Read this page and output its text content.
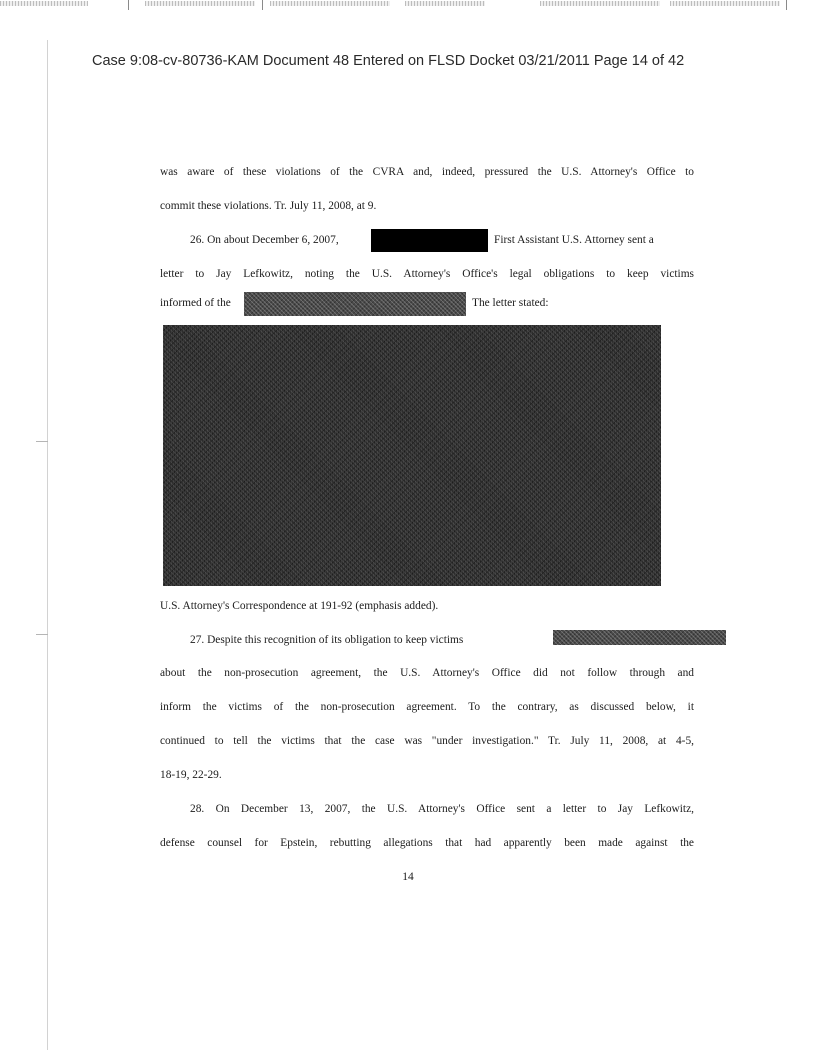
Case 9:08-cv-80736-KAM Document 48 Entered on FLSD Docket 03/21/2011 Page 14 of 42
was aware of these violations of the CVRA and, indeed, pressured the U.S. Attorney's Office to
commit these violations. Tr. July 11, 2008, at 9.
26. On about December 6, 2007,	First Assistant U.S. Attorney sent a
letter to Jay Lefkowitz, noting the U.S. Attorney's Office's legal obligations to keep victims
informed of the	The letter stated:
U.S. Attorney's Correspondence at 191-92 (emphasis added).
27. Despite this recognition of its obligation to keep victims
about the non-prosecution agreement, the U.S. Attorney's Office did not follow through and
inform the victims of the non-prosecution agreement. To the contrary, as discussed below, it
continued to tell the victims that the case was "under investigation." Tr. July 11, 2008, at 4-5,
18-19, 22-29.
28. On December 13, 2007, the U.S. Attorney's Office sent a letter to Jay Lefkowitz,
defense counsel for Epstein, rebutting allegations that had apparently been made against the
14
